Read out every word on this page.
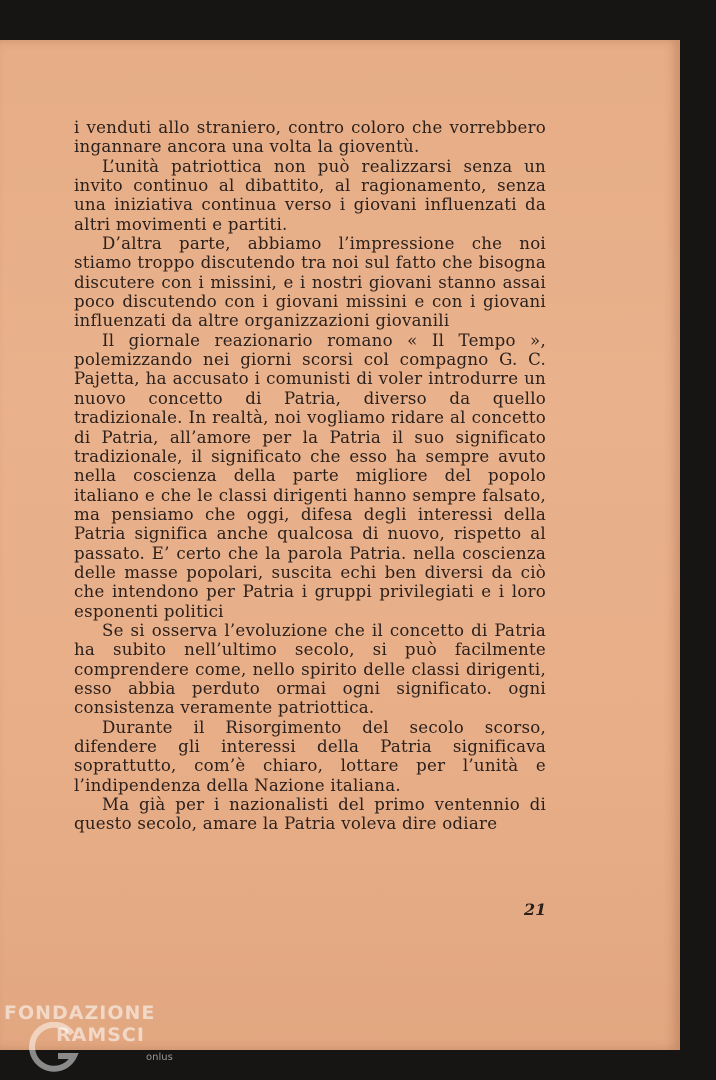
i venduti allo straniero, contro coloro che vorrebbero ingannare ancora una volta la gioventù.

L’unità patriottica non può realizzarsi senza un invito continuo al dibattito, al ragionamento, senza una iniziativa continua verso i giovani influenzati da altri movimenti e partiti.

D’altra parte, abbiamo l’impressione che noi stiamo troppo discutendo tra noi sul fatto che bisogna discutere con i missini, e i nostri giovani stanno assai poco discutendo con i giovani missini e con i giovani influenzati da altre organizzazioni giovanili

Il giornale reazionario romano « Il Tempo », polemizzando nei giorni scorsi col compagno G. C. Pajetta, ha accusato i comunisti di voler introdurre un nuovo concetto di Patria, diverso da quello tradizionale. In realtà, noi vogliamo ridare al concetto di Patria, all’amore per la Patria il suo significato tradizionale, il significato che esso ha sempre avuto nella coscienza della parte migliore del popolo italiano e che le classi dirigenti hanno sempre falsato, ma pensiamo che oggi, difesa degli interessi della Patria significa anche qualcosa di nuovo, rispetto al passato. E’ certo che la parola Patria. nella coscienza delle masse popolari, suscita echi ben diversi da ciò che intendono per Patria i gruppi privilegiati e i loro esponenti politici

Se si osserva l’evoluzione che il concetto di Patria ha subito nell’ultimo secolo, si può facilmente comprendere come, nello spirito delle classi dirigenti, esso abbia perduto ormai ogni significato. ogni consistenza veramente patriottica.

Durante il Risorgimento del secolo scorso, difendere gli interessi della Patria significava soprattutto, com’è chiaro, lottare per l’unità e l’indipendenza della Nazione italiana.

Ma già per i nazionalisti del primo ventennio di questo secolo, amare la Patria voleva dire odiare

21
FONDAZIONE
RAMSCI
onlus
